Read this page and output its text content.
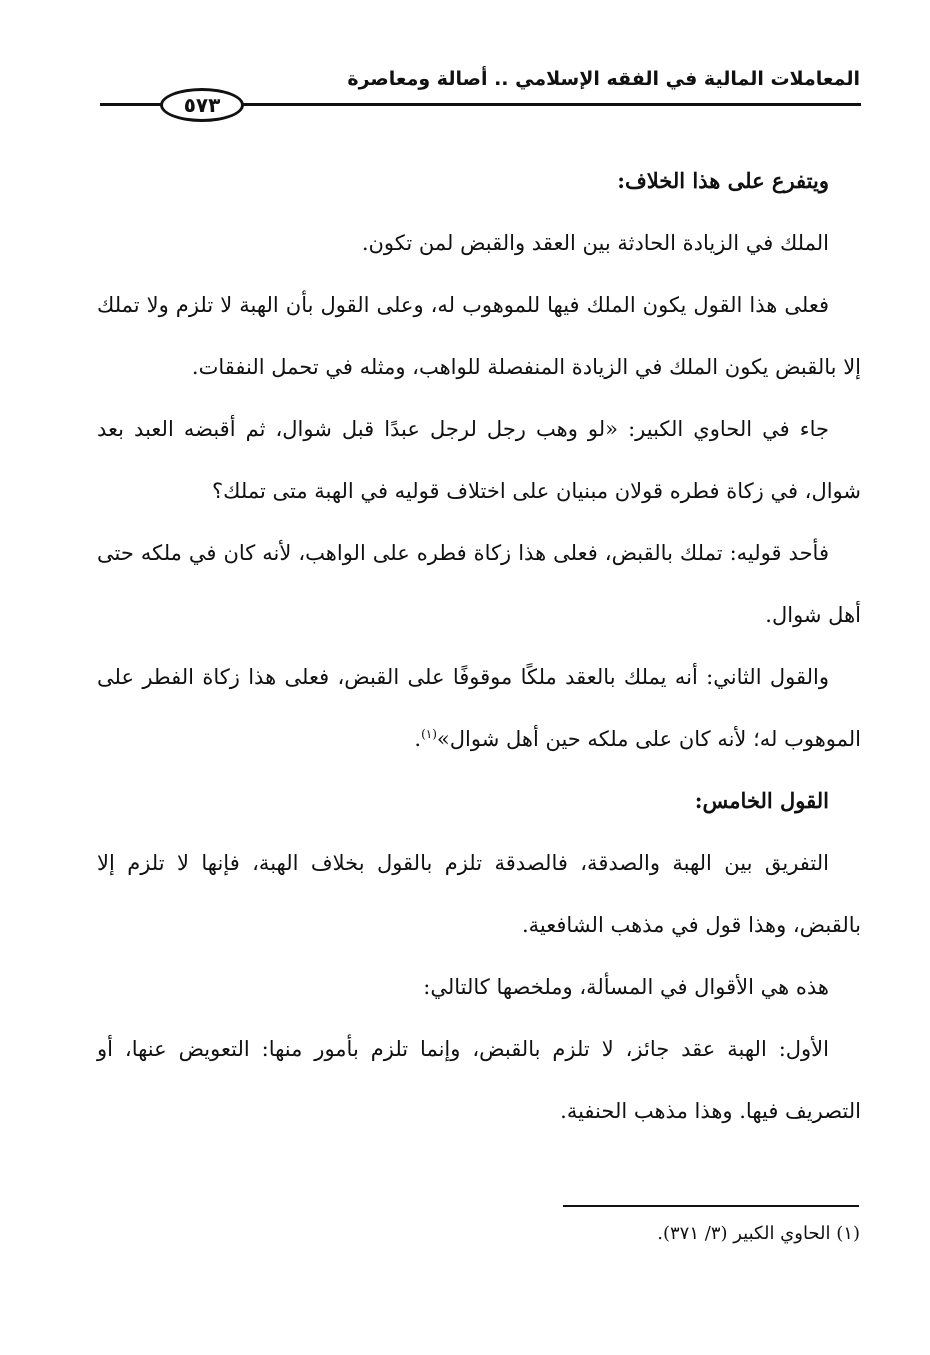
المعاملات المالية في الفقه الإسلامي .. أصالة ومعاصرة
٥٧٣

ويتفرع على هذا الخلاف:

الملك في الزيادة الحادثة بين العقد والقبض لمن تكون.

فعلى هذا القول يكون الملك فيها للموهوب له، وعلى القول بأن الهبة لا تلزم ولا تملك إلا بالقبض يكون الملك في الزيادة المنفصلة للواهب، ومثله في تحمل النفقات.

جاء في الحاوي الكبير: «لو وهب رجل لرجل عبدًا قبل شوال، ثم أقبضه العبد بعد شوال، في زكاة فطره قولان مبنيان على اختلاف قوليه في الهبة متى تملك؟

فأحد قوليه: تملك بالقبض، فعلى هذا زكاة فطره على الواهب، لأنه كان في ملكه حتى أهل شوال.

والقول الثاني: أنه يملك بالعقد ملكًا موقوفًا على القبض، فعلى هذا زكاة الفطر على الموهوب له؛ لأنه كان على ملكه حين أهل شوال»$^{(١)}$.

القول الخامس:

التفريق بين الهبة والصدقة، فالصدقة تلزم بالقول بخلاف الهبة، فإنها لا تلزم إلا بالقبض، وهذا قول في مذهب الشافعية.

هذه هي الأقوال في المسألة، وملخصها كالتالي:

الأول: الهبة عقد جائز، لا تلزم بالقبض، وإنما تلزم بأمور منها: التعويض عنها، أو التصريف فيها. وهذا مذهب الحنفية.

(١) الحاوي الكبير (٣/ ٣٧١).
